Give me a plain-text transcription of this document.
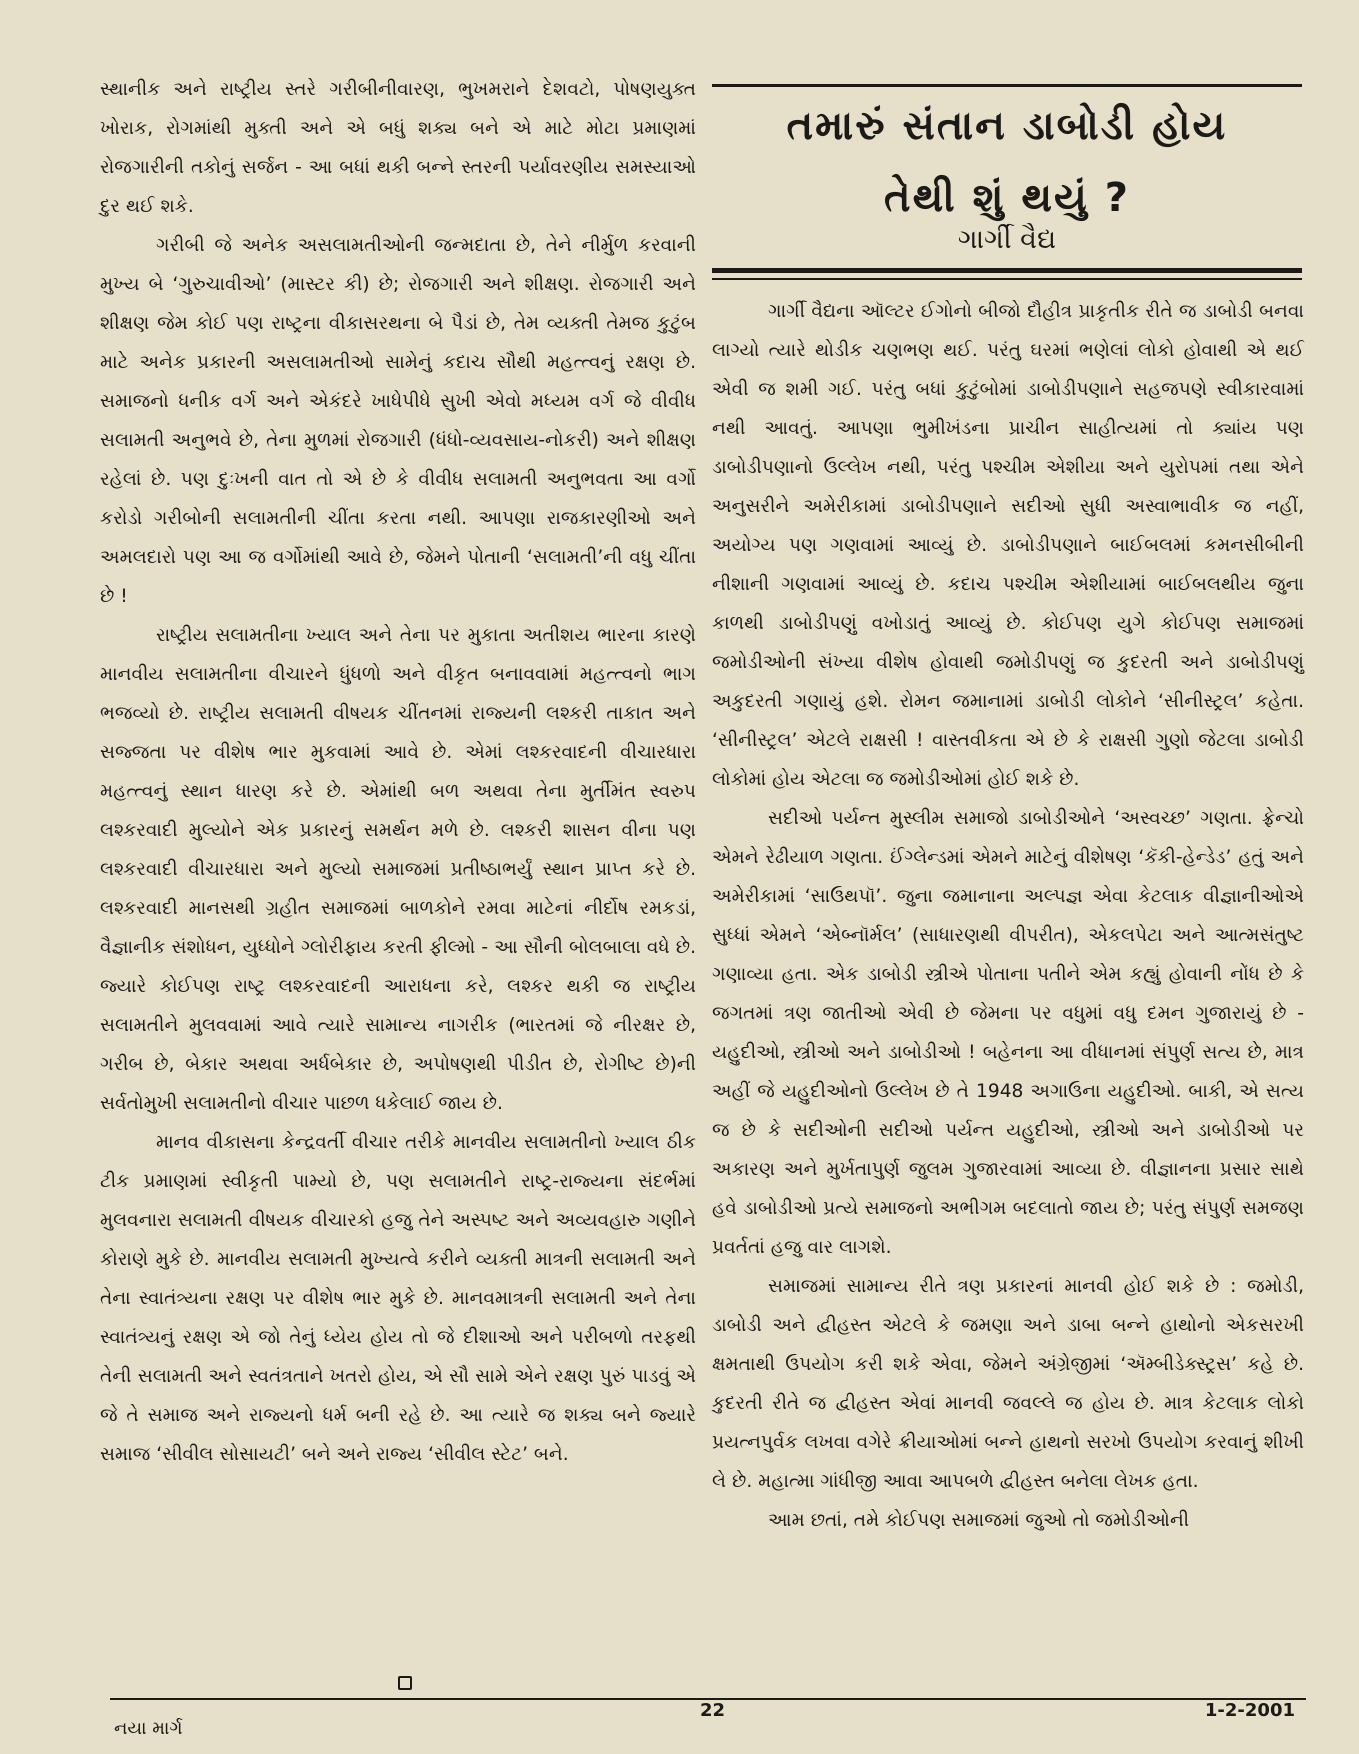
સ્થાનીક અને રાષ્ટ્રીય સ્તરે ગરીબીનીવારણ, ભુખમરાને દેશવટો, પોષણયુક્ત ખોરાક, રોગમાંથી મુક્તી અને એ બધું શક્ય બને એ માટે મોટા પ્રમાણમાં રોજગારીની તકોનું સર્જન - આ બધાં થકી બન્ને સ્તરની પર્યાવરણીય સમસ્યાઓ દુર થઈ શકે.

ગરીબી જે અનેક અસલામતીઓની જન્મદાતા છે, તેને નીર્મુળ કરવાની મુખ્ય બે ‘ગુરુચાવીઓ’ (માસ્ટર કી) છે; રોજગારી અને શીક્ષણ. રોજગારી અને શીક્ષણ જેમ કોઈ પણ રાષ્ટ્રના વીકાસરથના બે પૈડાં છે, તેમ વ્યક્તી તેમજ કુટુંબ માટે અનેક પ્રકારની અસલામતીઓ સામેનું કદાચ સૌથી મહત્ત્વનું રક્ષણ છે. સમાજનો ધનીક વર્ગ અને એકંદરે ખાધેપીધે સુખી એવો મધ્યમ વર્ગ જે વીવીધ સલામતી અનુભવે છે, તેના મુળમાં રોજગારી (ધંધો-વ્યવસાય-નોકરી) અને શીક્ષણ રહેલાં છે. પણ દુઃખની વાત તો એ છે કે વીવીધ સલામતી અનુભવતા આ વર્ગો કરોડો ગરીબોની સલામતીની ચીંતા કરતા નથી. આપણા રાજકારણીઓ અને અમલદારો પણ આ જ વર્ગોમાંથી આવે છે, જેમને પોતાની ‘સલામતી’ની વધુ ચીંતા છે !

રાષ્ટ્રીય સલામતીના ખ્યાલ અને તેના પર મુકાતા અતીશય ભારના કારણે માનવીય સલામતીના વીચારને ધુંધળો અને વીકૃત બનાવવામાં મહત્ત્વનો ભાગ ભજવ્યો છે. રાષ્ટ્રીય સલામતી વીષયક ચીંતનમાં રાજ્યની લશ્કરી તાકાત અને સજ્જતા પર વીશેષ ભાર મુકવામાં આવે છે. એમાં લશ્કરવાદની વીચારધારા મહત્ત્વનું સ્થાન ધારણ કરે છે. એમાંથી બળ અથવા તેના મુર્તીમંત સ્વરુપ લશ્કરવાદી મુલ્યોને એક પ્રકારનું સમર્થન મળે છે. લશ્કરી શાસન વીના પણ લશ્કરવાદી વીચારધારા અને મુલ્યો સમાજમાં પ્રતીષ્ઠાભર્યું સ્થાન પ્રાપ્ત કરે છે. લશ્કરવાદી માનસથી ગ્રહીત સમાજમાં બાળકોને રમવા માટેનાં નીર્દોષ રમકડાં, વૈજ્ઞાનીક સંશોધન, યુધ્ધોને ગ્લોરીફાય કરતી ફીલ્મો - આ સૌની બોલબાલા વધે છે. જ્યારે કોઈપણ રાષ્ટ્ર લશ્કરવાદની આરાધના કરે, લશ્કર થકી જ રાષ્ટ્રીય સલામતીને મુલવવામાં આવે ત્યારે સામાન્ય નાગરીક (ભારતમાં જે નીરક્ષર છે, ગરીબ છે, બેકાર અથવા અર્ધબેકાર છે, અપોષણથી પીડીત છે, રોગીષ્ટ છે)ની સર્વતોમુખી સલામતીનો વીચાર પાછળ ધકેલાઈ જાય છે.

માનવ વીકાસના કેન્દ્રવર્તી વીચાર તરીકે માનવીય સલામતીનો ખ્યાલ ઠીક ટીક પ્રમાણમાં સ્વીકૃતી પામ્યો છે, પણ સલામતીને રાષ્ટ્ર-રાજ્યના સંદર્ભમાં મુલવનારા સલામતી વીષયક વીચારકો હજુ તેને અસ્પષ્ટ અને અવ્યવહારુ ગણીને કોરાણે મુકે છે. માનવીય સલામતી મુખ્યત્વે કરીને વ્યક્તી માત્રની સલામતી અને તેના સ્વાતંત્ર્યના રક્ષણ પર વીશેષ ભાર મુકે છે. માનવમાત્રની સલામતી અને તેના સ્વાતંત્ર્યનું રક્ષણ એ જો તેનું ધ્યેય હોય તો જે દીશાઓ અને પરીબળો તરફથી તેની સલામતી અને સ્વતંત્રતાને ખતરો હોય, એ સૌ સામે એને રક્ષણ પુરું પાડવું એ જે તે સમાજ અને રાજ્યનો ધર્મ બની રહે છે. આ ત્યારે જ શક્ય બને જ્યારે સમાજ ‘સીવીલ સોસાયટી’ બને અને રાજ્ય ‘સીવીલ સ્ટેટ’ બને.

તમારું સંતાન ડાબોડી હોય
તેથી શું થયું ?
ગાર્ગી વૈદ્ય

ગાર્ગી વૈદ્યના ઑલ્ટર ઈગોનો બીજો દૌહીત્ર પ્રાકૃતીક રીતે જ ડાબોડી બનવા લાગ્યો ત્યારે થોડીક ચણભણ થઈ. પરંતુ ઘરમાં ભણેલાં લોકો હોવાથી એ થઈ એવી જ શમી ગઈ. પરંતુ બધાં કુટુંબોમાં ડાબોડીપણાને સહજપણે સ્વીકારવામાં નથી આવતું. આપણા ભુમીખંડના પ્રાચીન સાહીત્યમાં તો ક્યાંય પણ ડાબોડીપણાનો ઉલ્લેખ નથી, પરંતુ પશ્ચીમ એશીયા અને યુરોપમાં તથા એને અનુસરીને અમેરીકામાં ડાબોડીપણાને સદીઓ સુધી અસ્વાભાવીક જ નહીં, અયોગ્ય પણ ગણવામાં આવ્યું છે. ડાબોડીપણાને બાઈબલમાં કમનસીબીની નીશાની ગણવામાં આવ્યું છે. કદાચ પશ્ચીમ એશીયામાં બાઈબલથીય જુના કાળથી ડાબોડીપણું વખોડાતું આવ્યું છે. કોઈપણ યુગે કોઈપણ સમાજમાં જમોડીઓની સંખ્યા વીશેષ હોવાથી જમોડીપણું જ કુદરતી અને ડાબોડીપણું અકુદરતી ગણાયું હશે. રોમન જમાનામાં ડાબોડી લોકોને ‘સીનીસ્ટ્રલ’ કહેતા. ‘સીનીસ્ટ્રલ’ એટલે રાક્ષસી ! વાસ્તવીકતા એ છે કે રાક્ષસી ગુણો જેટલા ડાબોડી લોકોમાં હોય એટલા જ જમોડીઓમાં હોઈ શકે છે.

સદીઓ પર્યન્ત મુસ્લીમ સમાજો ડાબોડીઓને ‘અસ્વચ્છ’ ગણતા. ફ્રેન્ચો એમને રેઢીયાળ ગણતા. ઈંગ્લેન્ડમાં એમને માટેનું વીશેષણ ‘કૅકી-હેન્ડેડ’ હતું અને અમેરીકામાં ‘સાઉથપૉ’. જુના જમાનાના અલ્પજ્ઞ એવા કેટલાક વીજ્ઞાનીઓએ સુધ્ધાં એમને ‘એબ્નૉર્મલ’ (સાધારણથી વીપરીત), એકલપેટા અને આત્મસંતુષ્ટ ગણાવ્યા હતા. એક ડાબોડી સ્ત્રીએ પોતાના પતીને એમ કહ્યું હોવાની નોંધ છે કે જગતમાં ત્રણ જાતીઓ એવી છે જેમના પર વધુમાં વધુ દમન ગુજારાયું છે - યહુદીઓ, સ્ત્રીઓ અને ડાબોડીઓ ! બહેનના આ વીધાનમાં સંપુર્ણ સત્ય છે, માત્ર અહીં જે યહુદીઓનો ઉલ્લેખ છે તે 1948 અગાઉના યહુદીઓ. બાકી, એ સત્ય જ છે કે સદીઓની સદીઓ પર્યન્ત યહુદીઓ, સ્ત્રીઓ અને ડાબોડીઓ પર અકારણ અને મુર્ખતાપુર્ણ જુલમ ગુજારવામાં આવ્યા છે. વીજ્ઞાનના પ્રસાર સાથે હવે ડાબોડીઓ પ્રત્યે સમાજનો અભીગમ બદલાતો જાય છે; પરંતુ સંપુર્ણ સમજણ પ્રવર્તતાં હજુ વાર લાગશે.

સમાજમાં સામાન્ય રીતે ત્રણ પ્રકારનાં માનવી હોઈ શકે છે : જમોડી, ડાબોડી અને દ્વીહસ્ત એટલે કે જમણા અને ડાબા બન્ને હાથોનો એકસરખી ક્ષમતાથી ઉપયોગ કરી શકે એવા, જેમને અંગ્રેજીમાં ‘ઍમ્બીડેક્સ્ટ્રસ’ કહે છે. કુદરતી રીતે જ દ્વીહસ્ત એવાં માનવી જવલ્લે જ હોય છે. માત્ર કેટલાક લોકો પ્રયત્નપુર્વક લખવા વગેરે ક્રીયાઓમાં બન્ને હાથનો સરખો ઉપયોગ કરવાનું શીખી લે છે. મહાત્મા ગાંધીજી આવા આપબળે દ્વીહસ્ત બનેલા લેખક હતા.

આમ છતાં, તમે કોઈપણ સમાજમાં જુઓ તો જમોડીઓની

નયા માર્ગ
22	1-2-2001
